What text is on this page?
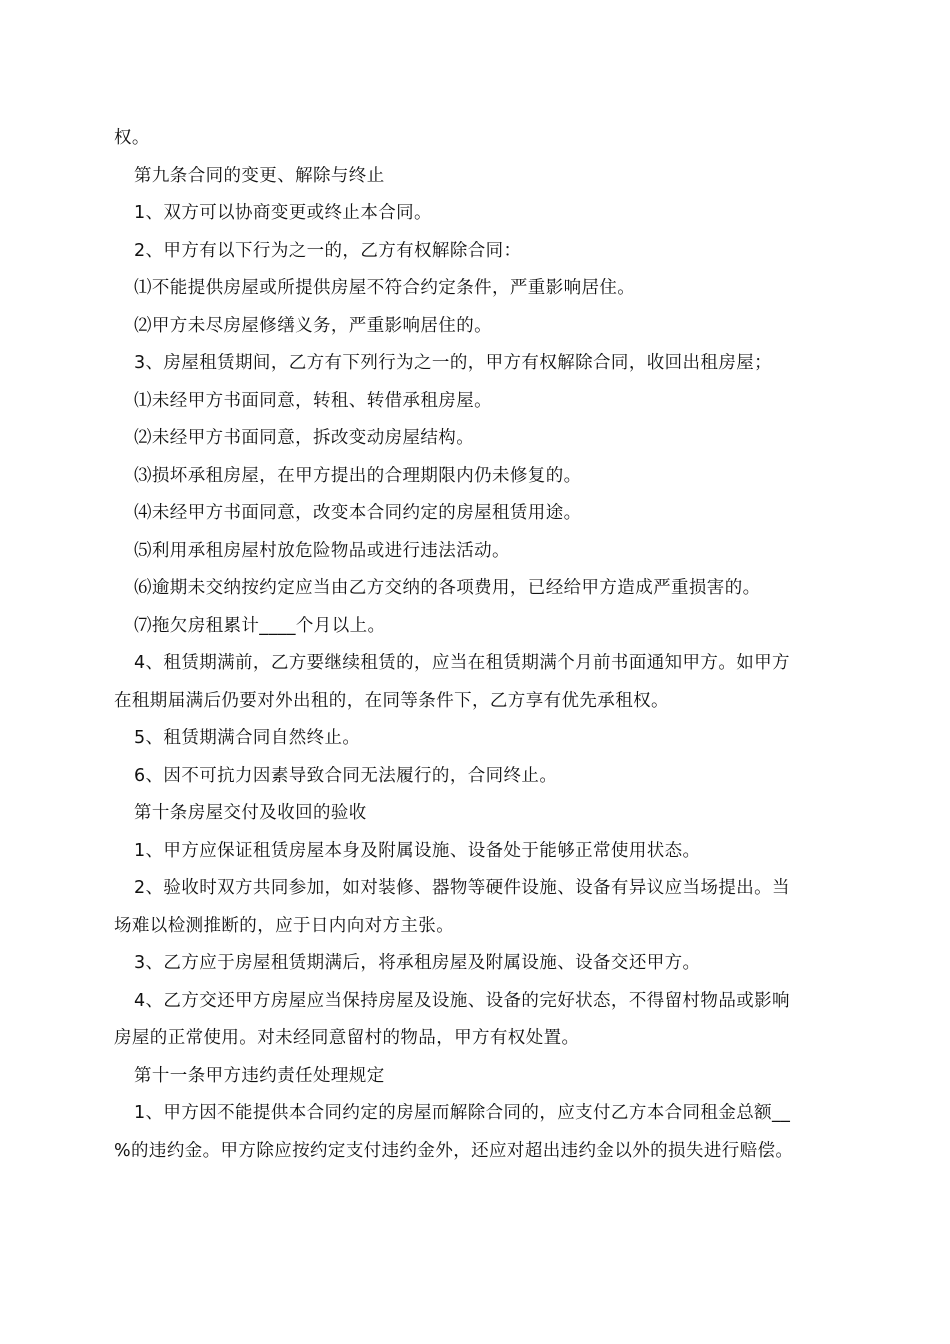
权。
第九条合同的变更、解除与终止
1、双方可以协商变更或终止本合同。
2、甲方有以下行为之一的，乙方有权解除合同：
⑴不能提供房屋或所提供房屋不符合约定条件，严重影响居住。
⑵甲方未尽房屋修缮义务，严重影响居住的。
3、房屋租赁期间，乙方有下列行为之一的，甲方有权解除合同，收回出租房屋；
⑴未经甲方书面同意，转租、转借承租房屋。
⑵未经甲方书面同意，拆改变动房屋结构。
⑶损坏承租房屋，在甲方提出的合理期限内仍未修复的。
⑷未经甲方书面同意，改变本合同约定的房屋租赁用途。
⑸利用承租房屋村放危险物品或进行违法活动。
⑹逾期未交纳按约定应当由乙方交纳的各项费用，已经给甲方造成严重损害的。
⑺拖欠房租累计____个月以上。
4、租赁期满前，乙方要继续租赁的，应当在租赁期满个月前书面通知甲方。如甲方
在租期届满后仍要对外出租的，在同等条件下，乙方享有优先承租权。
5、租赁期满合同自然终止。
6、因不可抗力因素导致合同无法履行的，合同终止。
第十条房屋交付及收回的验收
1、甲方应保证租赁房屋本身及附属设施、设备处于能够正常使用状态。
2、验收时双方共同参加，如对装修、器物等硬件设施、设备有异议应当场提出。当
场难以检测推断的，应于日内向对方主张。
3、乙方应于房屋租赁期满后，将承租房屋及附属设施、设备交还甲方。
4、乙方交还甲方房屋应当保持房屋及设施、设备的完好状态，不得留村物品或影响
房屋的正常使用。对未经同意留村的物品，甲方有权处置。
第十一条甲方违约责任处理规定
1、甲方因不能提供本合同约定的房屋而解除合同的，应支付乙方本合同租金总额__
%的违约金。甲方除应按约定支付违约金外，还应对超出违约金以外的损失进行赔偿。
